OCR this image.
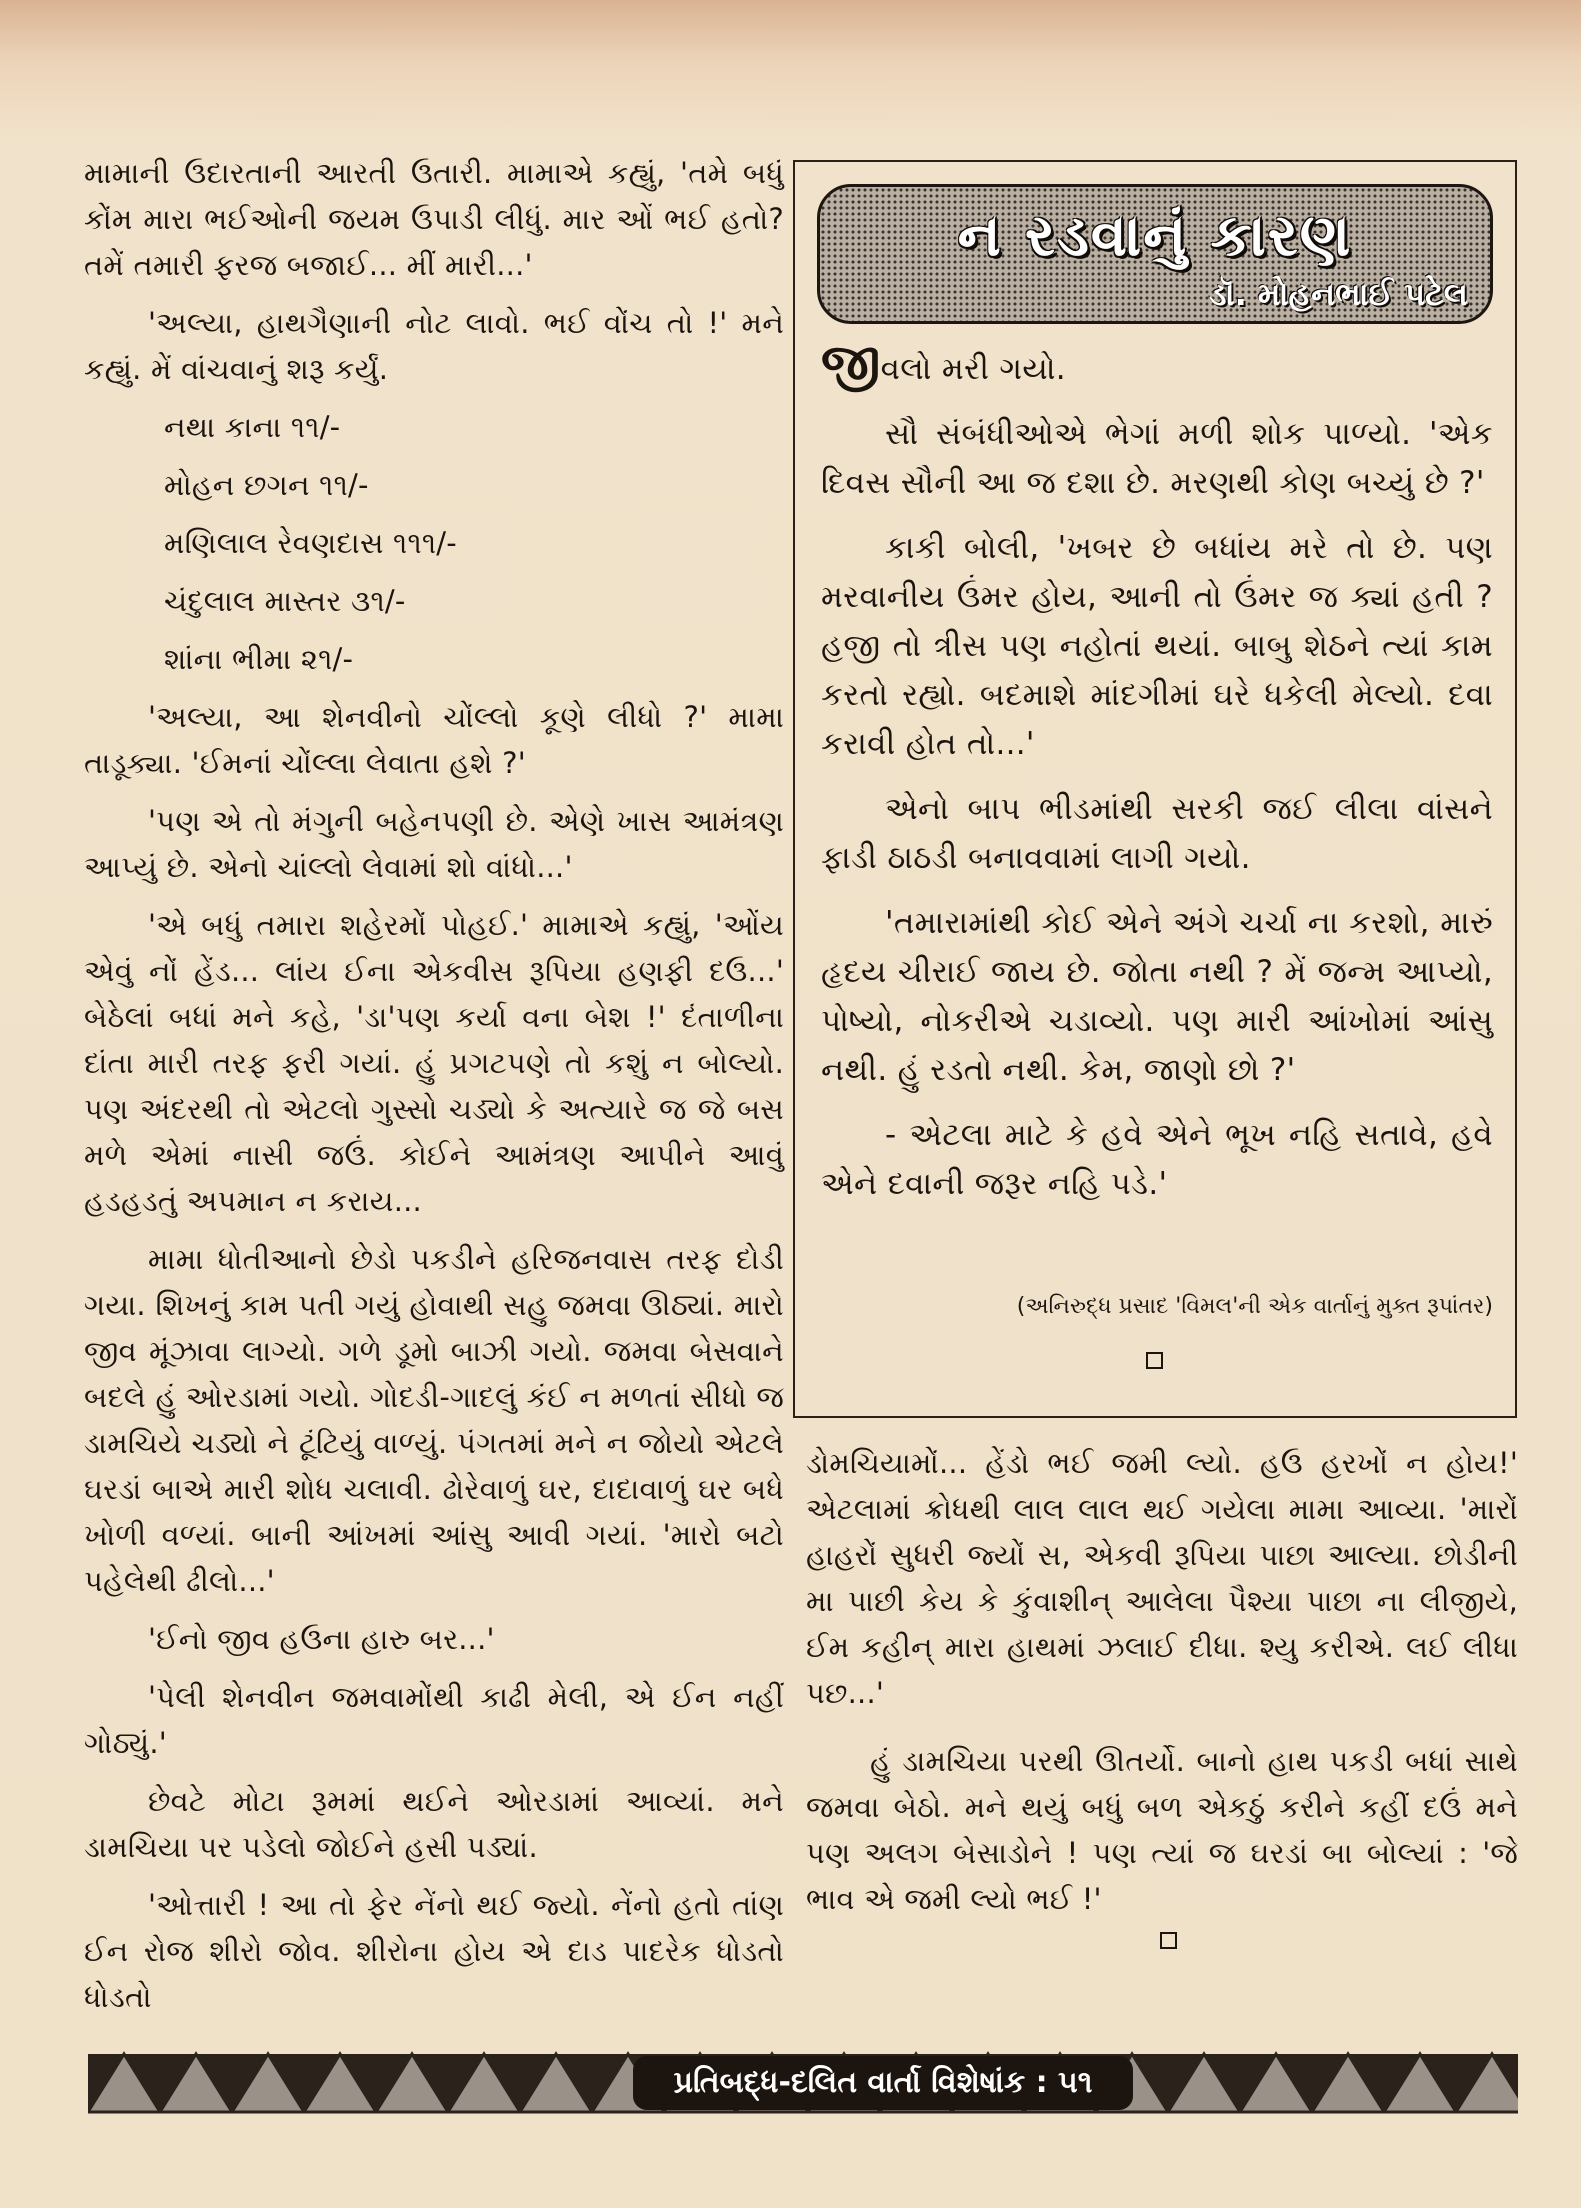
મામાની ઉદારતાની આરતી ઉતારી. મામાએ કહ્યું, 'તમે બધું કોંમ મારા ભઈઓની જયમ ઉપાડી લીધું. માર ઓં ભઈ હતો? તમેં તમારી ફરજ બજાઈ... મીં મારી...'

'અલ્યા, હાથગૈણાની નોટ લાવો. ભઈ વોંચ તો !' મને કહ્યું. મેં વાંચવાનું શરૂ કર્યું.

નથા કાના ૧૧/-

મોહન છગન ૧૧/-

મણિલાલ રેવણદાસ ૧૧૧/-

ચંદુલાલ માસ્તર ૩૧/-

શાંના ભીમા ૨૧/-

'અલ્યા, આ શેનવીનો ચોંલ્લો કૂણે લીધો ?' મામા તાડૂક્યા. 'ઈમનાં ચોંલ્લા લેવાતા હશે ?'

'પણ એ તો મંગુની બહેનપણી છે. એણે ખાસ આમંત્રણ આપ્યું છે. એનો ચાંલ્લો લેવામાં શો વાંધો...'

'એ બધું તમારા શહેરમોં પોહઈ.' મામાએ કહ્યું, 'ઓંય એવું નોં હેંડ... લાંય ઈના એકવીસ રૂપિયા હણફી દઉ...' બેઠેલાં બધાં મને કહે, 'ડા'પણ કર્યા વના બેશ !' દંતાળીના દાંતા મારી તરફ ફરી ગયાં. હું પ્રગટપણે તો કશું ન બોલ્યો. પણ અંદરથી તો એટલો ગુસ્સો ચડ્યો કે અત્યારે જ જે બસ મળે એમાં નાસી જઉં. કોઈને આમંત્રણ આપીને આવું હડહડતું અપમાન ન કરાય...

મામા ધોતીઆનો છેડો પકડીને હરિજનવાસ તરફ દોડી ગયા. શિખનું કામ પતી ગયું હોવાથી સહુ જમવા ઊઠ્યાં. મારો જીવ મૂંઝાવા લાગ્યો. ગળે ડૂમો બાઝી ગયો. જમવા બેસવાને બદલે હું ઓરડામાં ગયો. ગોદડી-ગાદલું કંઈ ન મળતાં સીધો જ ડામચિયે ચડ્યો ને ટૂંટિયું વાળ્યું. પંગતમાં મને ન જોયો એટલે ઘરડાં બાએ મારી શોધ ચલાવી. ઢોરેવાળું ઘર, દાદાવાળું ઘર બધે ખોળી વળ્યાં. બાની આંખમાં આંસુ આવી ગયાં. 'મારો બટો પહેલેથી ઢીલો...'

'ઈનો જીવ હઉના હારુ બર...'

'પેલી શેનવીન જમવામોંથી કાઢી મેલી, એ ઈન નહીં ગોઠ્યું.'

છેવટે મોટા રૂમમાં થઈને ઓરડામાં આવ્યાં. મને ડામચિયા પર પડેલો જોઈને હસી પડ્યાં.

'ઓત્તારી ! આ તો ફેર નેંનો થઈ જ્યો. નેંનો હતો તાંણ ઈન રોજ શીરો જોવ. શીરોના હોય એ દાડ પાદરેક ધોડતો ધોડતો

ન રડવાનું કારણ
ડૉ. મોહનભાઈ પટેલ

જીવલો મરી ગયો.

સૌ સંબંધીઓએ ભેગાં મળી શોક પાળ્યો. 'એક દિવસ સૌની આ જ દશા છે. મરણથી કોણ બચ્યું છે ?'

કાકી બોલી, 'ખબર છે બધાંય મરે તો છે. પણ મરવાનીય ઉંમર હોય, આની તો ઉંમર જ ક્યાં હતી ? હજી તો ત્રીસ પણ નહોતાં થયાં. બાબુ શેઠને ત્યાં કામ કરતો રહ્યો. બદમાશે માંદગીમાં ઘરે ધકેલી મેલ્યો. દવા કરાવી હોત તો...'

એનો બાપ ભીડમાંથી સરકી જઈ લીલા વાંસને ફાડી ઠાઠડી બનાવવામાં લાગી ગયો.

'તમારામાંથી કોઈ એને અંગે ચર્ચા ના કરશો, મારું હૃદય ચીરાઈ જાય છે. જોતા નથી ? મેં જન્મ આપ્યો, પોષ્યો, નોકરીએ ચડાવ્યો. પણ મારી આંખોમાં આંસુ નથી. હું રડતો નથી. કેમ, જાણો છો ?'

- એટલા માટે કે હવે એને ભૂખ નહિ સતાવે, હવે એને દવાની જરૂર નહિ પડે.'

(અનિરુદ્ધ પ્રસાદ 'વિમલ'ની એક વાર્તાનું મુક્ત રૂપાંતર)

ડોમચિયામોં... હેંડો ભઈ જમી લ્યો. હઉ હરખોં ન હોય!' એટલામાં ક્રોધથી લાલ લાલ થઈ ગયેલા મામા આવ્યા. 'મારોં હાહરોં સુધરી જ્યોં સ, એકવી રૂપિયા પાછા આલ્યા. છોડીની મા પાછી કેય કે કુંવાશીન્ આલેલા પૈશ્યા પાછા ના લીજીયે, ઈમ કહીન્ મારા હાથમાં ઝલાઈ દીધા. શ્યુ કરીએ. લઈ લીધા પછ...'

હું ડામચિયા પરથી ઊતર્યો. બાનો હાથ પકડી બધાં સાથે જમવા બેઠો. મને થયું બધું બળ એકઠું કરીને કહીં દઉં મને પણ અલગ બેસાડોને ! પણ ત્યાં જ ઘરડાં બા બોલ્યાં : 'જે ભાવ એ જમી લ્યો ભઈ !'

પ્રતિબદ્ધ-દલિત વાર્તા વિશેષાંક : ૫૧
